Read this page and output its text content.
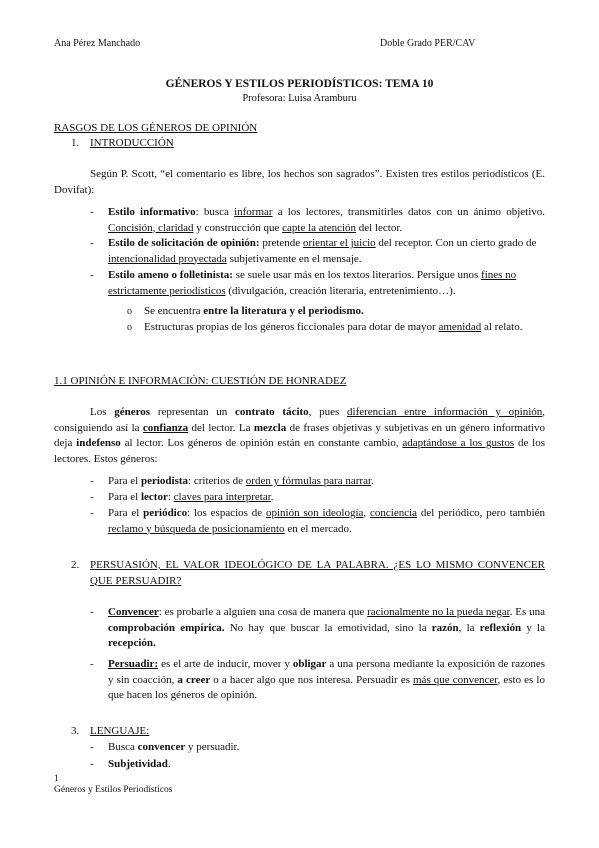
Ana Pérez Manchado	Doble Grado PER/CAV
GÉNEROS Y ESTILOS PERIODÍSTICOS: TEMA 10
Profesora: Luisa Aramburu
RASGOS DE LOS GÉNEROS DE OPINIÓN
1. INTRODUCCIÓN
Según P. Scott, “el comentario es libre, los hechos son sagrados”. Existen tres estilos periodísticos (E. Dovifat):
- Estilo informativo: busca informar a los lectores, transmitirles datos con un ánimo objetivo. Concisión, claridad y construcción que capte la atención del lector.
- Estilo de solicitación de opinión: pretende orientar el juicio del receptor. Con un cierto grado de intencionalidad proyectada subjetivamente en el mensaje.
- Estilo ameno o folletinista: se suele usar más en los textos literarios. Persigue unos fines no estrictamente periodísticos (divulgación, creación literaria, entretenimiento…).
o Se encuentra entre la literatura y el periodismo.
o Estructuras propias de los géneros ficcionales para dotar de mayor amenidad al relato.
1.1 OPINIÓN E INFORMACIÓN: CUESTIÓN DE HONRADEZ
Los géneros representan un contrato tácito, pues diferencian entre información y opinión, consiguiendo así la confianza del lector. La mezcla de frases objetivas y subjetivas en un género informativo deja indefenso al lector. Los géneros de opinión están en constante cambio, adaptándose a los gustos de los lectores. Estos géneros:
- Para el periodista: criterios de orden y fórmulas para narrar.
- Para el lector: claves para interpretar.
- Para el periódico: los espacios de opinión son ideología, conciencia del periódico, pero también reclamo y búsqueda de posicionamiento en el mercado.
2. PERSUASIÓN, EL VALOR IDEOLÓGICO DE LA PALABRA. ¿ES LO MISMO CONVENCER QUE PERSUADIR?
- Convencer: es probarle a alguien una cosa de manera que racionalmente no la pueda negar. Es una comprobación empírica. No hay que buscar la emotividad, sino la razón, la reflexión y la recepción.
- Persuadir: es el arte de inducir, mover y obligar a una persona mediante la exposición de razones y sin coacción, a creer o a hacer algo que nos interesa. Persuadir es más que convencer, esto es lo que hacen los géneros de opinión.
3. LENGUAJE:
- Busca convencer y persuadir.
- Subjetividad.
1
Géneros y Estilos Periodísticos
